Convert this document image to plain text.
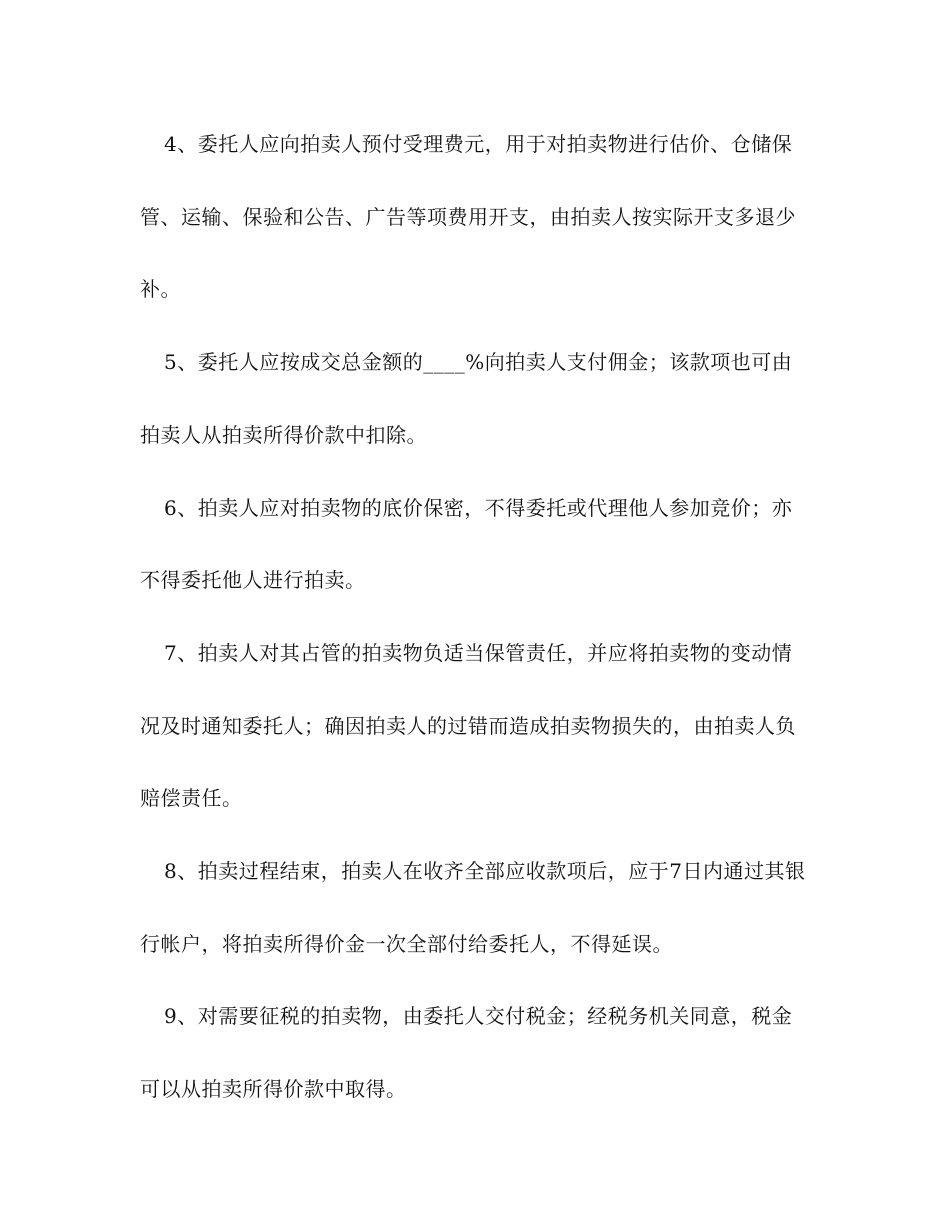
4、委托人应向拍卖人预付受理费元，用于对拍卖物进行估价、仓储保管、运输、保验和公告、广告等项费用开支，由拍卖人按实际开支多退少补。

5、委托人应按成交总金额的____%向拍卖人支付佣金；该款项也可由拍卖人从拍卖所得价款中扣除。

6、拍卖人应对拍卖物的底价保密，不得委托或代理他人参加竞价；亦不得委托他人进行拍卖。

7、拍卖人对其占管的拍卖物负适当保管责任，并应将拍卖物的变动情况及时通知委托人；确因拍卖人的过错而造成拍卖物损失的，由拍卖人负赔偿责任。

8、拍卖过程结束，拍卖人在收齐全部应收款项后，应于7日内通过其银行帐户，将拍卖所得价金一次全部付给委托人，不得延误。

9、对需要征税的拍卖物，由委托人交付税金；经税务机关同意，税金可以从拍卖所得价款中取得。
